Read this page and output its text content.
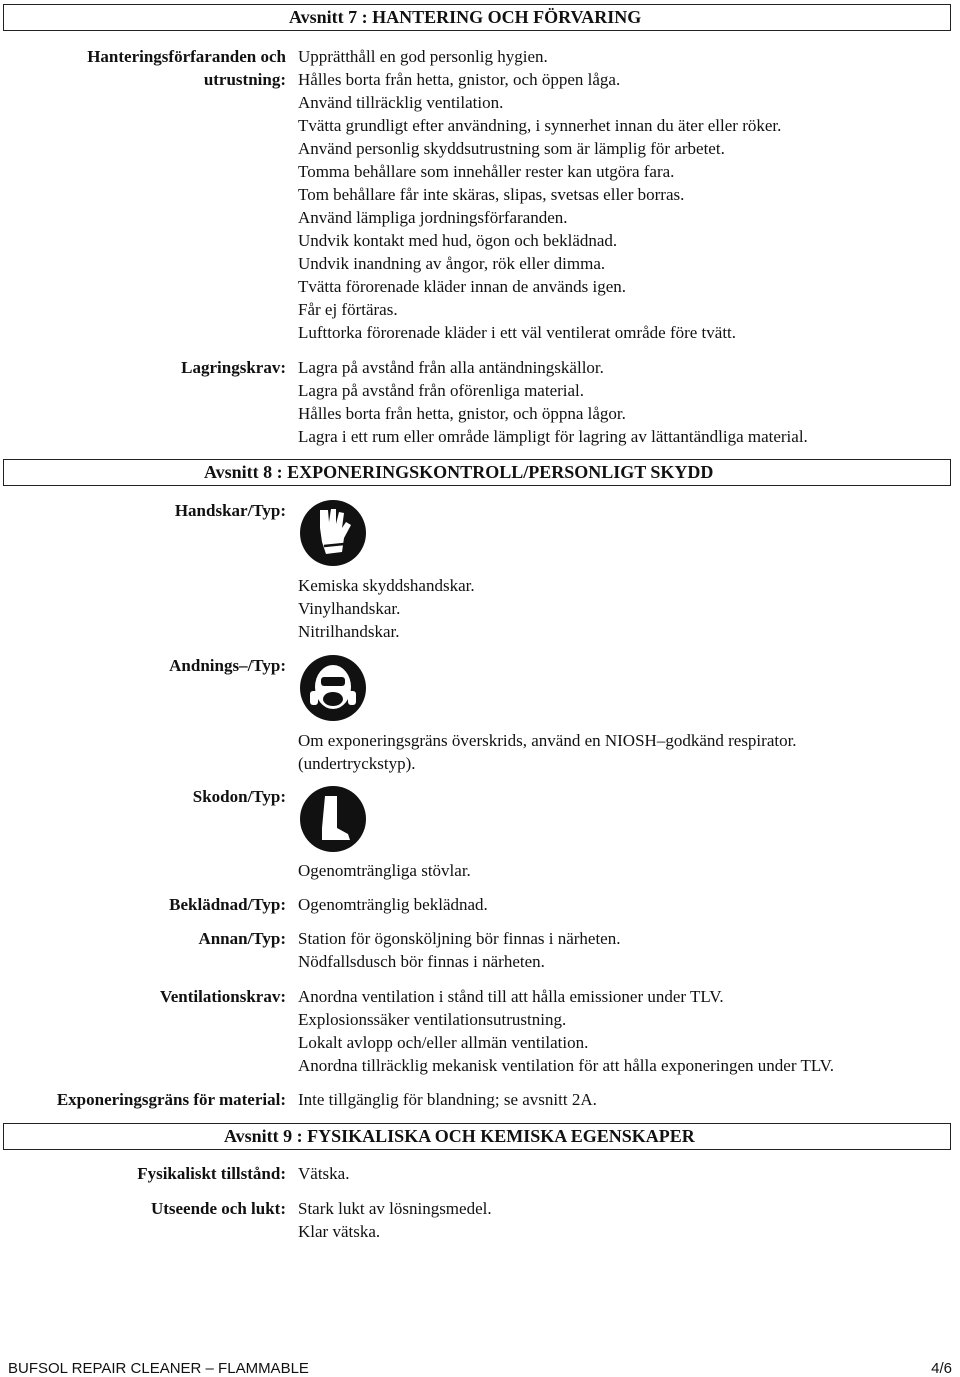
Avsnitt 7 : HANTERING OCH FÖRVARING
Hanteringsförfaranden och
utrustning:
Upprätthåll en god personlig hygien.
Hålles borta från hetta, gnistor, och öppen låga.
Använd tillräcklig ventilation.
Tvätta grundligt efter användning, i synnerhet innan du äter eller röker.
Använd personlig skyddsutrustning som är lämplig för arbetet.
Tomma behållare som innehåller rester kan utgöra fara.
Tom behållare får inte skäras, slipas, svetsas eller borras.
Använd lämpliga jordningsförfaranden.
Undvik kontakt med hud, ögon och beklädnad.
Undvik inandning av ångor, rök eller dimma.
Tvätta förorenade kläder innan de används igen.
Får ej förtäras.
Lufttorka förorenade kläder i ett väl ventilerat område före tvätt.
Lagringskrav: Lagra på avstånd från alla antändningskällor.
Lagra på avstånd från oförenliga material.
Hålles borta från hetta, gnistor, och öppna lågor.
Lagra i ett rum eller område lämpligt för lagring av lättantändliga material.
Avsnitt 8 : EXPONERINGSKONTROLL/PERSONLIGT SKYDD
Handskar/Typ:
Kemiska skyddshandskar.
Vinylhandskar.
Nitrilhandskar.
Andnings–/Typ:
Om exponeringsgräns överskrids, använd en NIOSH–godkänd respirator.
(undertryckstyp).
Skodon/Typ:
Ogenomträngliga stövlar.
Beklädnad/Typ: Ogenomtränglig beklädnad.
Annan/Typ: Station för ögonsköljning bör finnas i närheten.
Nödfallsdusch bör finnas i närheten.
Ventilationskrav: Anordna ventilation i stånd till att hålla emissioner under TLV.
Explosionssäker ventilationsutrustning.
Lokalt avlopp och/eller allmän ventilation.
Anordna tillräcklig mekanisk ventilation för att hålla exponeringen under TLV.
Exponeringsgräns för material: Inte tillgänglig för blandning; se avsnitt 2A.
Avsnitt 9 : FYSIKALISKA OCH KEMISKA EGENSKAPER
Fysikaliskt tillstånd: Vätska.
Utseende och lukt: Stark lukt av lösningsmedel.
Klar vätska.
BUFSOL REPAIR CLEANER – FLAMMABLE	4/6
